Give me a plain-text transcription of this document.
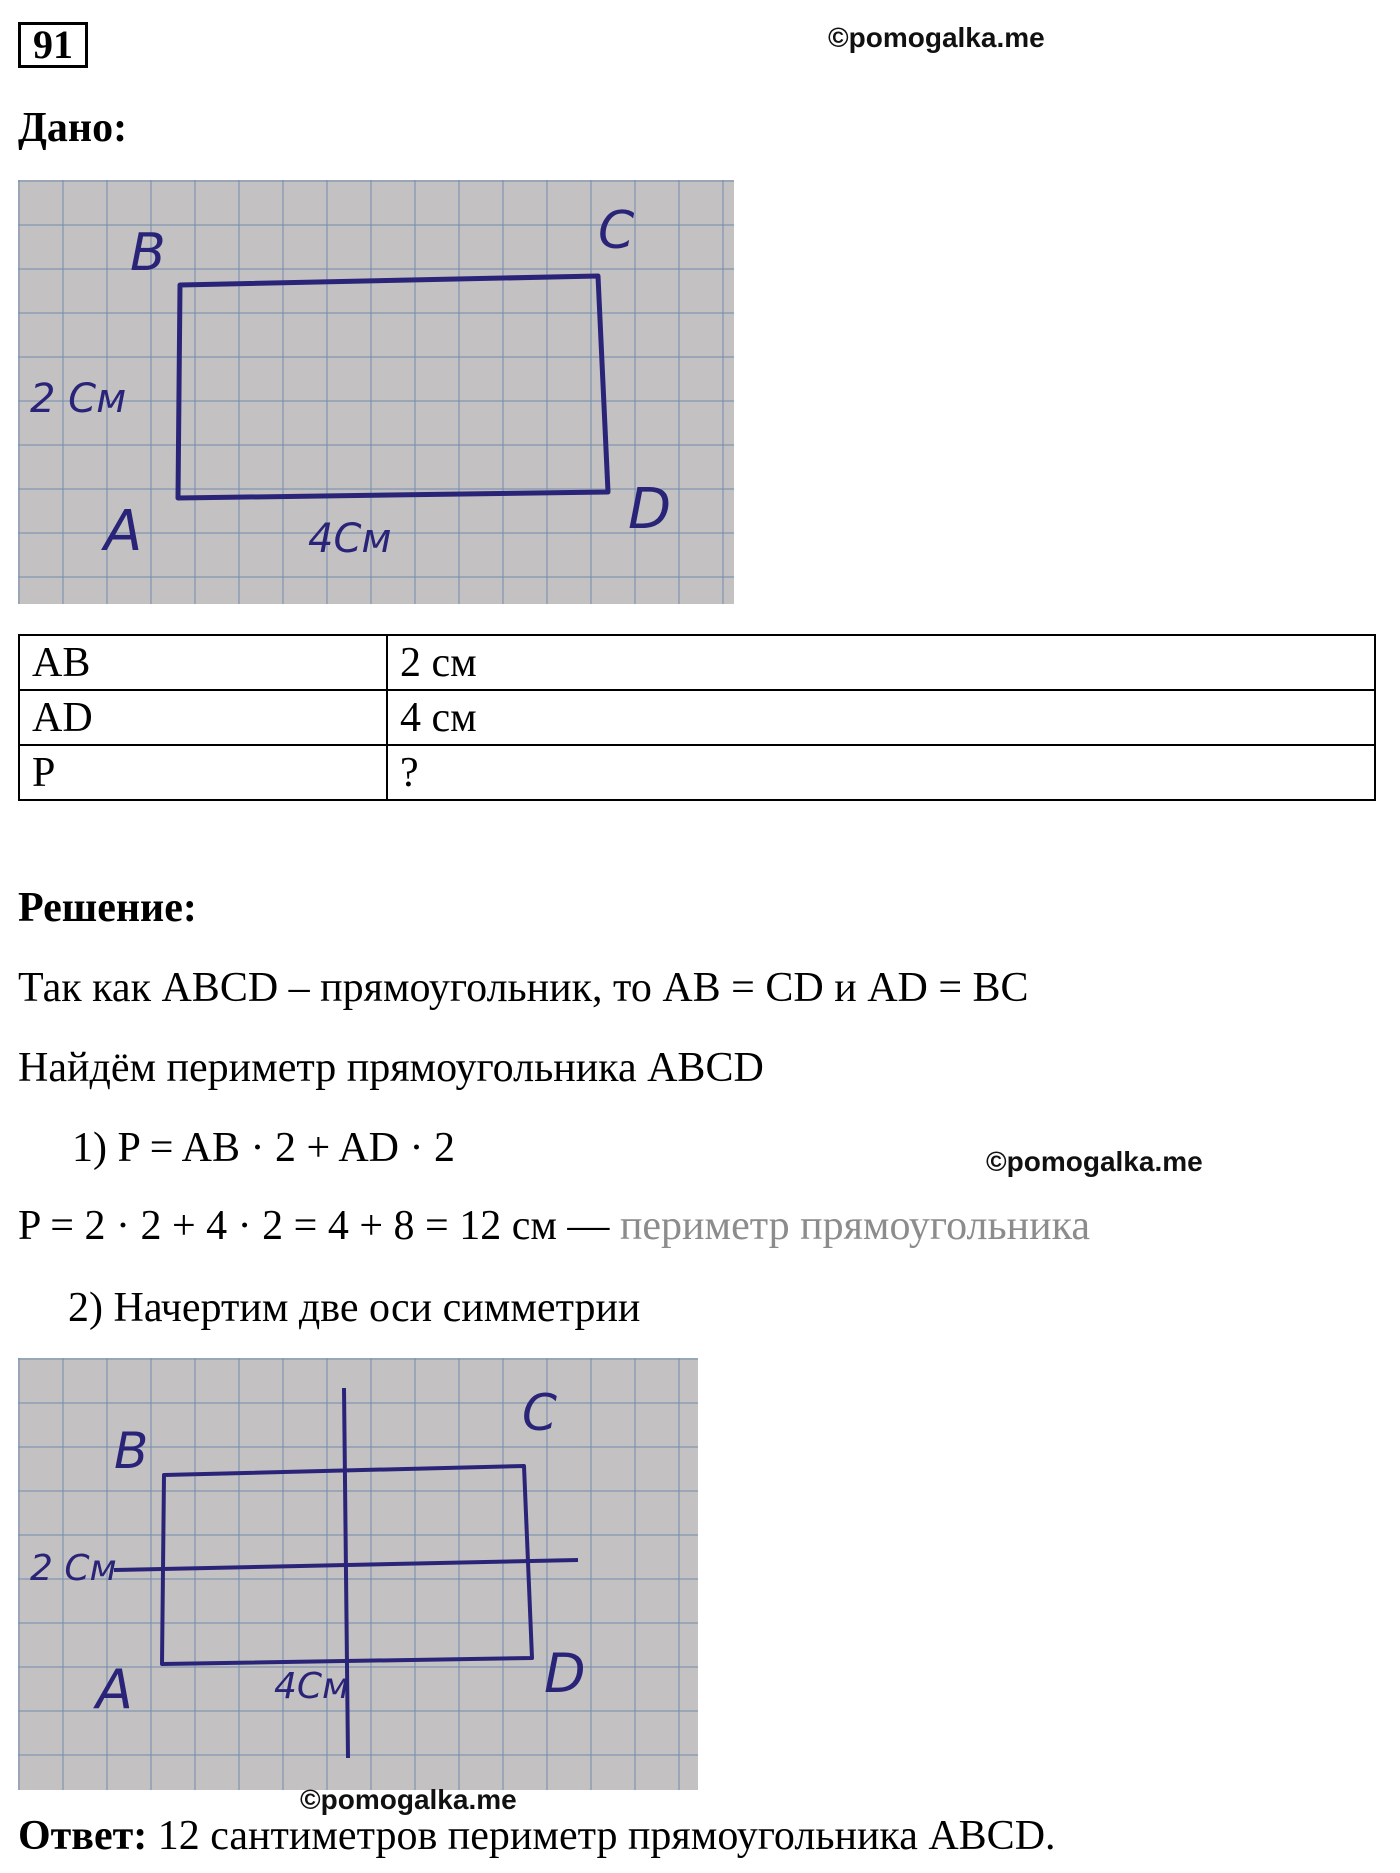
91	©pomogalka.me
Дано:
B	C
A	D
2 См
4См
AB	2 см
AD	4 см
P	?
Решение:
Так как ABCD – прямоугольник, то AB = CD и AD = BC
Найдём периметр прямоугольника ABCD
1) P = AB · 2 + AD · 2	©pomogalka.me
P = 2 · 2 + 4 · 2 = 4 + 8 = 12 см — периметр прямоугольника
2) Начертим две оси симметрии
B
C
A	D
2 См
4См
©pomogalka.me
Ответ: 12 сантиметров периметр прямоугольника ABCD.
